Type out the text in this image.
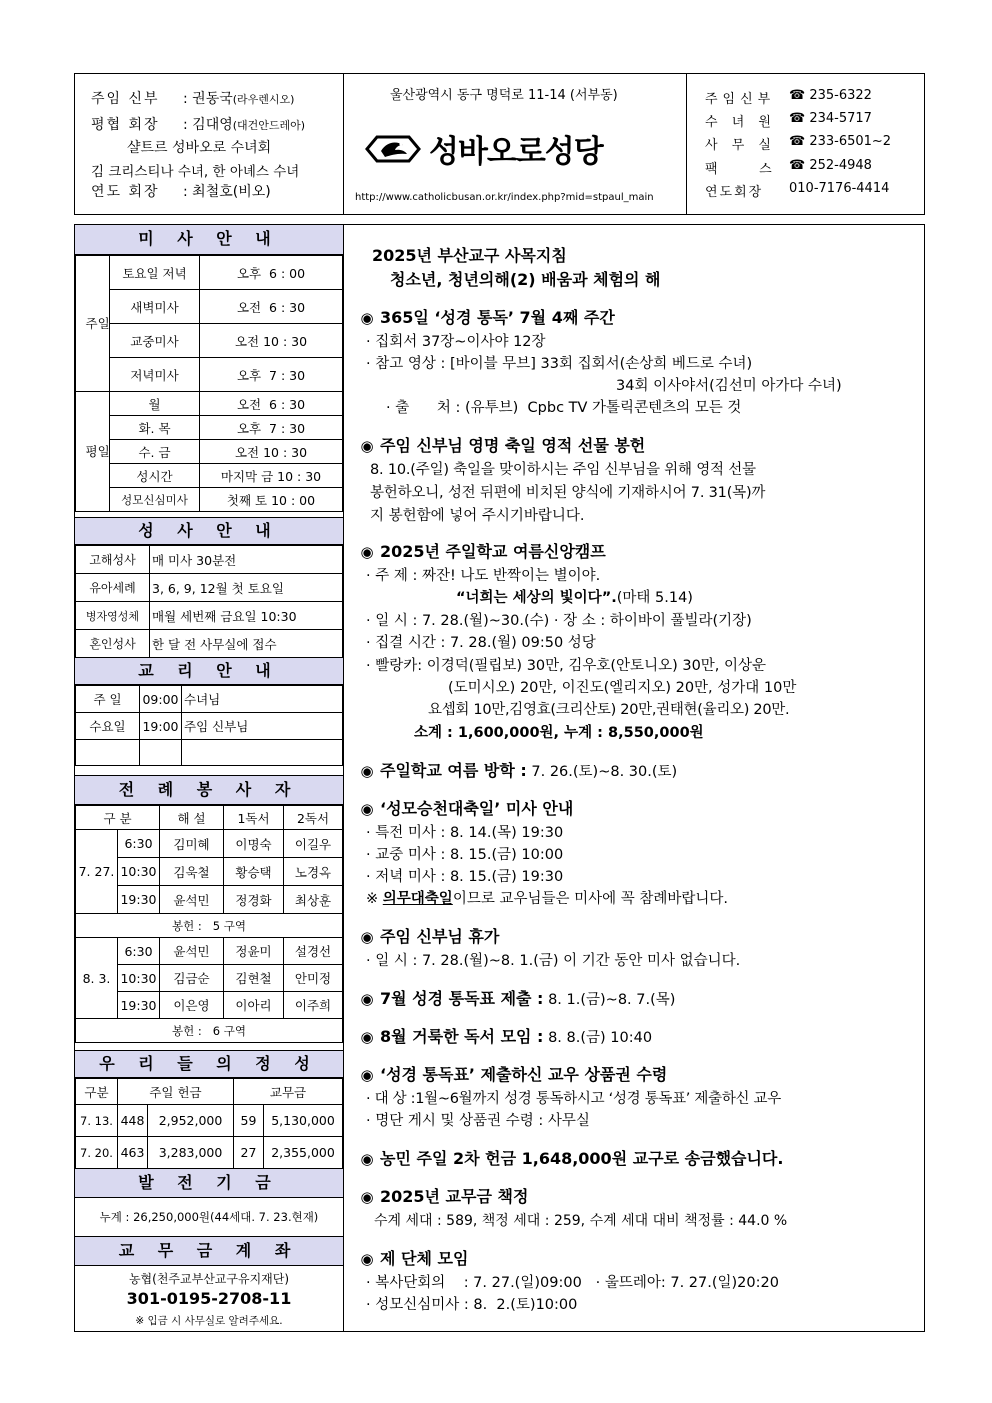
주임 신부 : 권동국(라우렌시오)
평협 회장 : 김대영(대건안드레아)
샬트르 성바오로 수녀회
김 크리스티나 수녀, 한 아녜스 수녀
연도 회장 : 최철호(비오)
울산광역시 동구 명덕로 11-14 (서부동)
성바오로성당
http://www.catholicbusan.or.kr/index.php?mid=stpaul_main
주임신부	☎ 235-6322
수 녀 원	☎ 234-5717
사 무 실	☎ 233-6501~2
팩    스 ☎ 252-4948
연도회장	010-7176-4414
미 사 안 내
주일	토요일 저녁	오후  6 : 00
	새벽미사	오전  6 : 30
	교중미사	오전 10 : 30
	저녁미사	오후  7 : 30

평일	월	오전  6 : 30
	화. 목	오후  7 : 30
	수. 금	오전 10 : 30
	성시간	마지막 금 10 : 30
	성모신심미사	첫째 토 10 : 00
성 사 안 내
고해성사	매 미사 30분전
유아세례	3, 6, 9, 12월 첫 토요일
병자영성체	매월 세번째 금요일 10:30
혼인성사	한 달 전 사무실에 접수
교 리 안 내
주 일	09:00	수녀님
수요일	19:00	주임 신부님

전 례 봉 사 자
구 분		해 설	1독서	2독서
7. 27.	6:30	김미혜	이명숙	이길우
	10:30	김욱철	황승택	노경옥
	19:30	윤석민	정경화	최상훈
봉헌 :   5 구역				
8. 3.	6:30	윤석민	정윤미	설경선
	10:30	김금순	김현철	안미정
	19:30	이은영	이아리	이주희
봉헌 :   6 구역				
우 리 들 의 정 성
구분	주일 헌금		교무금	
7. 13.	448	2,952,000	59	5,130,000
7. 20.	463	3,283,000	27	2,355,000
발 전 기 금
누계 : 26,250,000원(44세대. 7. 23.현재)
교 무 금 계 좌
농협(천주교부산교구유지재단)
301-0195-2708-11
※ 입금 시 사무실로 알려주세요.
2025년 부산교구 사목지침
청소년, 청년의해(2) 배움과 체험의 해
◉ 365일 ‘성경 통독’ 7월 4째 주간
· 집회서 37장~이사야 12장
· 참고 영상 : [바이블 무브] 33회 집회서(손상희 베드로 수녀)
34회 이사야서(김선미 아가다 수녀)
· 출      처 : (유투브)  Cpbc TV 가톨릭콘텐츠의 모든 것
◉ 주임 신부님 영명 축일 영적 선물 봉헌
8. 10.(주일) 축일을 맞이하시는 주임 신부님을 위해 영적 선물
봉헌하오니, 성전 뒤편에 비치된 양식에 기재하시어 7. 31(목)까
지 봉헌함에 넣어 주시기바랍니다.
◉ 2025년 주일학교 여름신앙캠프
· 주 제 : 짜잔! 나도 반짝이는 별이야.
“너희는 세상의 빛이다”.(마태 5.14)
· 일 시 : 7. 28.(월)~30.(수) · 장 소 : 하이바이 풀빌라(기장)
· 집결 시간 : 7. 28.(월) 09:50 성당
· 빨랑카: 이경덕(필립보) 30만, 김우호(안토니오) 30만, 이상운
(도미시오) 20만, 이진도(엘리지오) 20만, 성가대 10만
요셉회 10만,김영효(크리산토) 20만,권태현(율리오) 20만.
소계 : 1,600,000원, 누계 : 8,550,000원
◉ 주일학교 여름 방학 : 7. 26.(토)~8. 30.(토)
◉ ‘성모승천대축일’ 미사 안내
· 특전 미사 : 8. 14.(목) 19:30
· 교중 미사 : 8. 15.(금) 10:00
· 저녁 미사 : 8. 15.(금) 19:30
※ 의무대축일이므로 교우님들은 미사에 꼭 참례바랍니다.
◉ 주임 신부님 휴가
· 일 시 : 7. 28.(월)~8. 1.(금) 이 기간 동안 미사 없습니다.
◉ 7월 성경 통독표 제출 : 8. 1.(금)~8. 7.(목)
◉ 8월 거룩한 독서 모임 : 8. 8.(금) 10:40
◉ ‘성경 통독표’ 제출하신 교우 상품권 수령
· 대 상 :1월~6월까지 성경 통독하시고 ‘성경 통독표’ 제출하신 교우
· 명단 게시 및 상품권 수령 : 사무실
◉ 농민 주일 2차 헌금 1,648,000원 교구로 송금했습니다.
◉ 2025년 교무금 책정
수계 세대 : 589, 책정 세대 : 259, 수계 세대 대비 책정률 : 44.0 %
◉ 제 단체 모임
· 복사단회의    : 7. 27.(일)09:00   · 울뜨레아: 7. 27.(일)20:20
· 성모신심미사 : 8.  2.(토)10:00
